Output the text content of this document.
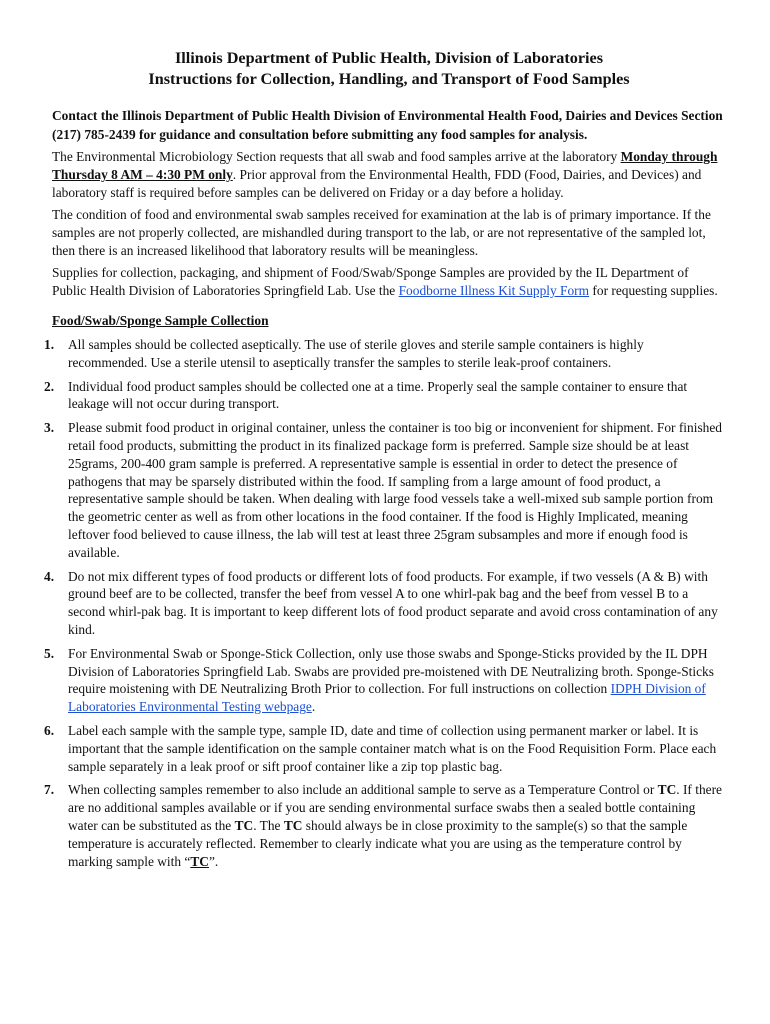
Illinois Department of Public Health, Division of Laboratories
Instructions for Collection, Handling, and Transport of Food Samples

Contact the Illinois Department of Public Health Division of Environmental Health Food, Dairies and Devices Section (217) 785-2439 for guidance and consultation before submitting any food samples for analysis.

The Environmental Microbiology Section requests that all swab and food samples arrive at the laboratory Monday through Thursday 8 AM – 4:30 PM only. Prior approval from the Environmental Health, FDD (Food, Dairies, and Devices) and laboratory staff is required before samples can be delivered on Friday or a day before a holiday.

The condition of food and environmental swab samples received for examination at the lab is of primary importance. If the samples are not properly collected, are mishandled during transport to the lab, or are not representative of the sampled lot, then there is an increased likelihood that laboratory results will be meaningless.

Supplies for collection, packaging, and shipment of Food/Swab/Sponge Samples are provided by the IL Department of Public Health Division of Laboratories Springfield Lab. Use the Foodborne Illness Kit Supply Form for requesting supplies.

Food/Swab/Sponge Sample Collection
1. All samples should be collected aseptically. The use of sterile gloves and sterile sample containers is highly recommended. Use a sterile utensil to aseptically transfer the samples to sterile leak-proof containers.
2. Individual food product samples should be collected one at a time. Properly seal the sample container to ensure that leakage will not occur during transport.
3. Please submit food product in original container, unless the container is too big or inconvenient for shipment. For finished retail food products, submitting the product in its finalized package form is preferred. Sample size should be at least 25grams, 200-400 gram sample is preferred. A representative sample is essential in order to detect the presence of pathogens that may be sparsely distributed within the food. If sampling from a large amount of food product, a representative sample should be taken. When dealing with large food vessels take a well-mixed sub sample portion from the geometric center as well as from other locations in the food container. If the food is Highly Implicated, meaning leftover food believed to cause illness, the lab will test at least three 25gram subsamples and more if enough food is available.
4. Do not mix different types of food products or different lots of food products. For example, if two vessels (A & B) with ground beef are to be collected, transfer the beef from vessel A to one whirl-pak bag and the beef from vessel B to a second whirl-pak bag. It is important to keep different lots of food product separate and avoid cross contamination of any kind.
5. For Environmental Swab or Sponge-Stick Collection, only use those swabs and Sponge-Sticks provided by the IL DPH Division of Laboratories Springfield Lab. Swabs are provided pre-moistened with DE Neutralizing broth. Sponge-Sticks require moistening with DE Neutralizing Broth Prior to collection. For full instructions on collection IDPH Division of Laboratories Environmental Testing webpage.
6. Label each sample with the sample type, sample ID, date and time of collection using permanent marker or label. It is important that the sample identification on the sample container match what is on the Food Requisition Form. Place each sample separately in a leak proof or sift proof container like a zip top plastic bag.
7. When collecting samples remember to also include an additional sample to serve as a Temperature Control or TC. If there are no additional samples available or if you are sending environmental surface swabs then a sealed bottle containing water can be substituted as the TC. The TC should always be in close proximity to the sample(s) so that the sample temperature is accurately reflected. Remember to clearly indicate what you are using as the temperature control by marking sample with “TC”.
